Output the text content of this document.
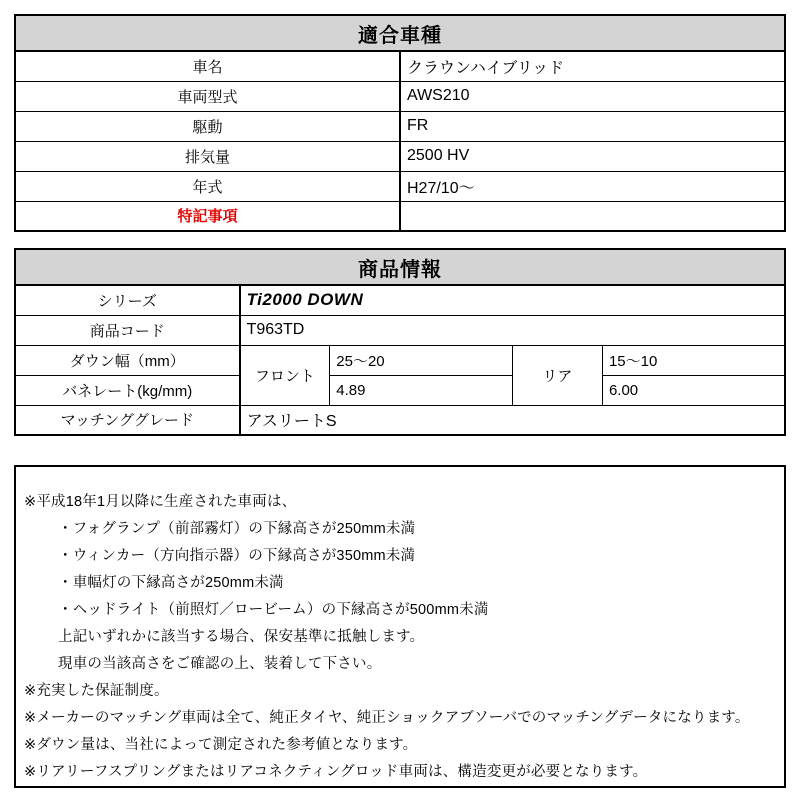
適合車種	
車名	クラウンハイブリッド
車両型式	AWS210
駆動	FR
排気量	2500 HV
年式	H27/10〜
特記事項	
商品情報				
シリーズ	Ti2000 DOWN			
商品コード	T963TD			
ダウン幅（mm）	フロント	25〜20	リア	15〜10
バネレート(kg/mm)		4.89		6.00
マッチンググレード	アスリートS			
※平成18年1月以降に生産された車両は、
・フォグランプ（前部霧灯）の下縁高さが250mm未満
・ウィンカー（方向指示器）の下縁高さが350mm未満
・車幅灯の下縁高さが250mm未満
・ヘッドライト（前照灯／ロービーム）の下縁高さが500mm未満
上記いずれかに該当する場合、保安基準に抵触します。
現車の当該高さをご確認の上、装着して下さい。
※充実した保証制度。
※メーカーのマッチング車両は全て、純正タイヤ、純正ショックアブソーバでのマッチングデータになります。
※ダウン量は、当社によって測定された参考値となります。
※リアリーフスプリングまたはリアコネクティングロッド車両は、構造変更が必要となります。
